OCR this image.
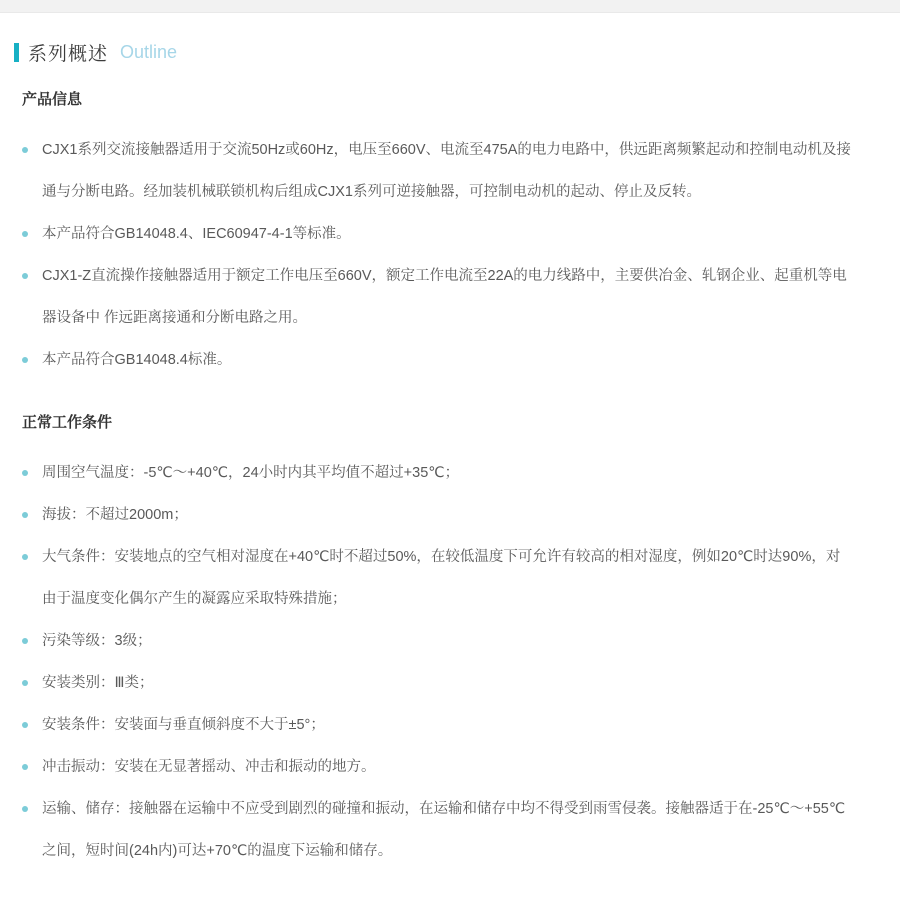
系列概述 Outline
产品信息
CJX1系列交流接触器适用于交流50Hz或60Hz，电压至660V、电流至475A的电力电路中，供远距离频繁起动和控制电动机及接通与分断电路。经加装机械联锁机构后组成CJX1系列可逆接触器，可控制电动机的起动、停止及反转。
本产品符合GB14048.4、IEC60947-4-1等标准。
CJX1-Z直流操作接触器适用于额定工作电压至660V，额定工作电流至22A的电力线路中，主要供冶金、轧钢企业、起重机等电器设备中 作远距离接通和分断电路之用。
本产品符合GB14048.4标准。
正常工作条件
周围空气温度：-5℃～+40℃，24小时内其平均值不超过+35℃；
海拔：不超过2000m；
大气条件：安装地点的空气相对湿度在+40℃时不超过50%，在较低温度下可允许有较高的相对湿度，例如20℃时达90%，对由于温度变化偶尔产生的凝露应采取特殊措施；
污染等级：3级；
安装类别：Ⅲ类；
安装条件：安装面与垂直倾斜度不大于±5°；
冲击振动：安装在无显著摇动、冲击和振动的地方。
运输、储存：接触器在运输中不应受到剧烈的碰撞和振动，在运输和储存中均不得受到雨雪侵袭。接触器适于在-25℃～+55℃之间，短时间(24h内)可达+70℃的温度下运输和储存。
